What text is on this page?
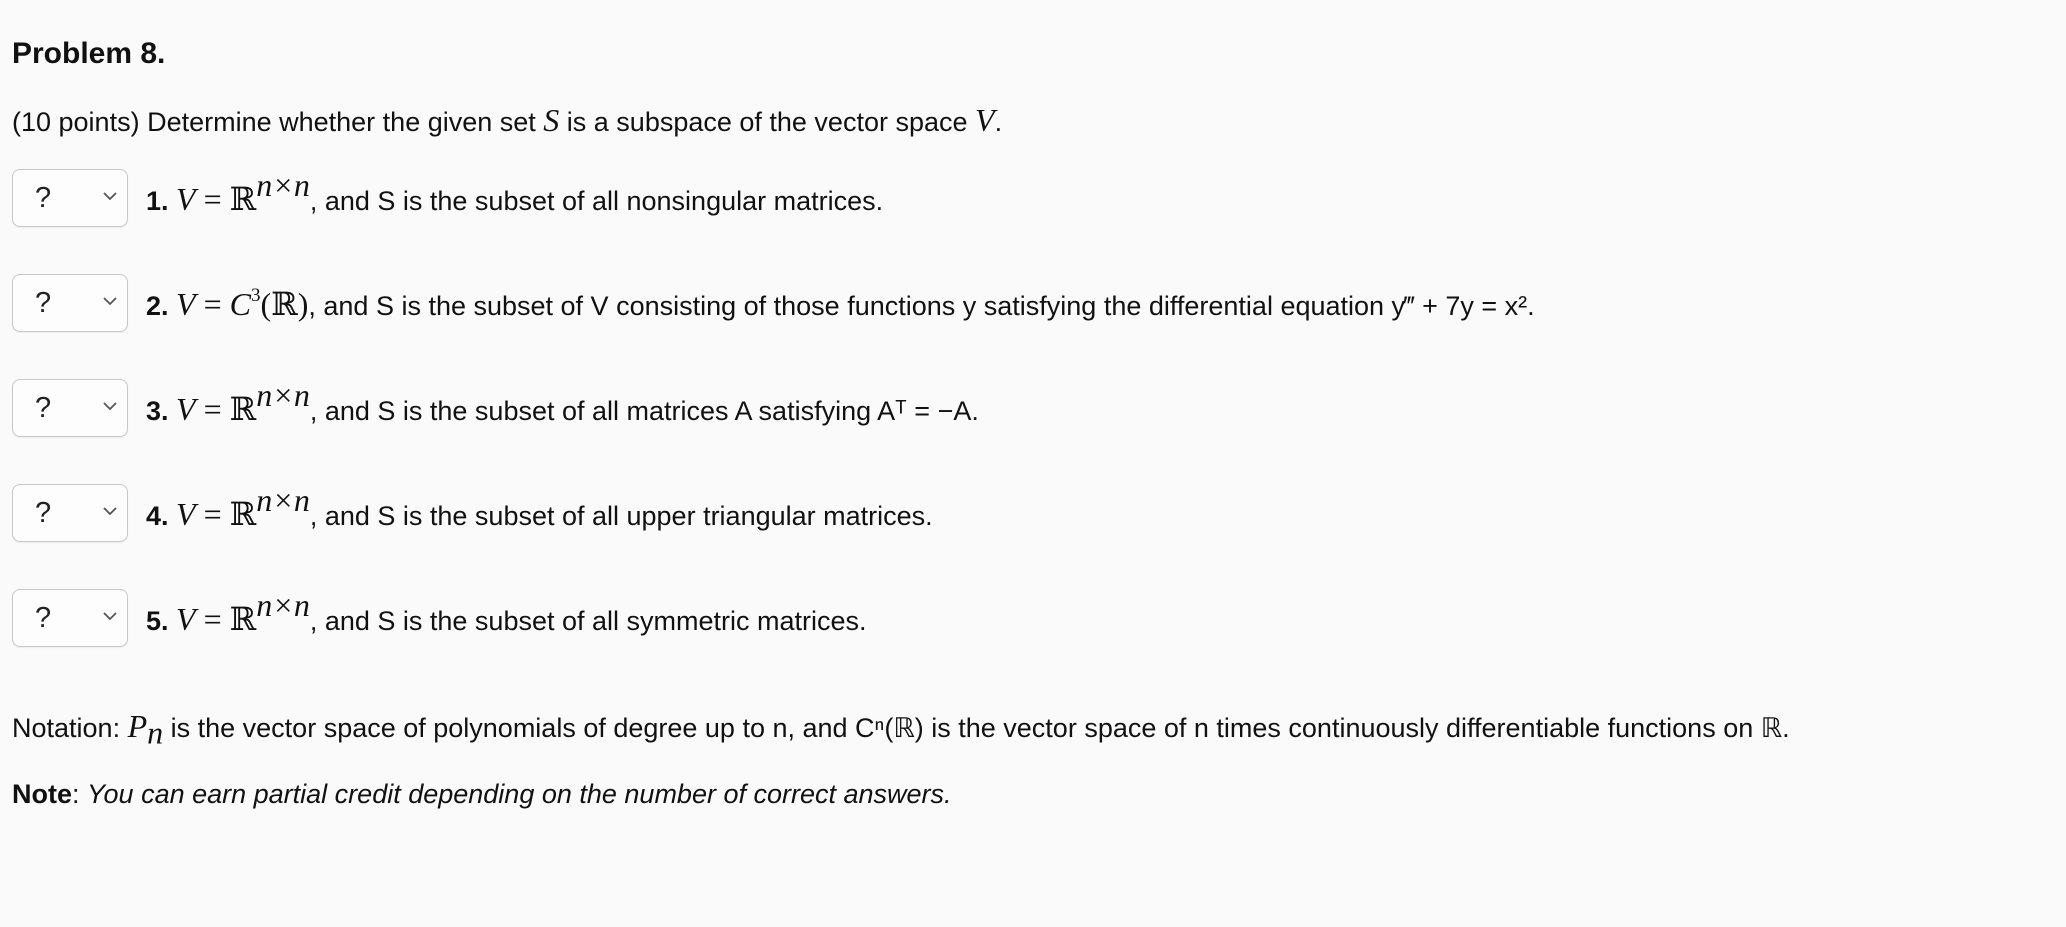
Problem 8.
(10 points) Determine whether the given set S is a subspace of the vector space V.
?	1. V = ℝ$^{n\times n}$, and S is the subset of all nonsingular matrices.
?	2. $V = C^3(ℝ)$, and S is the subset of V consisting of those functions y satisfying the differential equation y‴ + 7y = x².
?	3. V = ℝ$^{n\times n}$, and S is the subset of all matrices A satisfying Aᵀ = −A.
?	4. V = ℝ$^{n\times n}$, and S is the subset of all upper triangular matrices.
?	5. V = ℝ$^{n\times n}$, and S is the subset of all symmetric matrices.
Notation: $P_n$ is the vector space of polynomials of degree up to n, and Cⁿ(ℝ) is the vector space of n times continuously differentiable functions on ℝ.
Note: You can earn partial credit depending on the number of correct answers.
